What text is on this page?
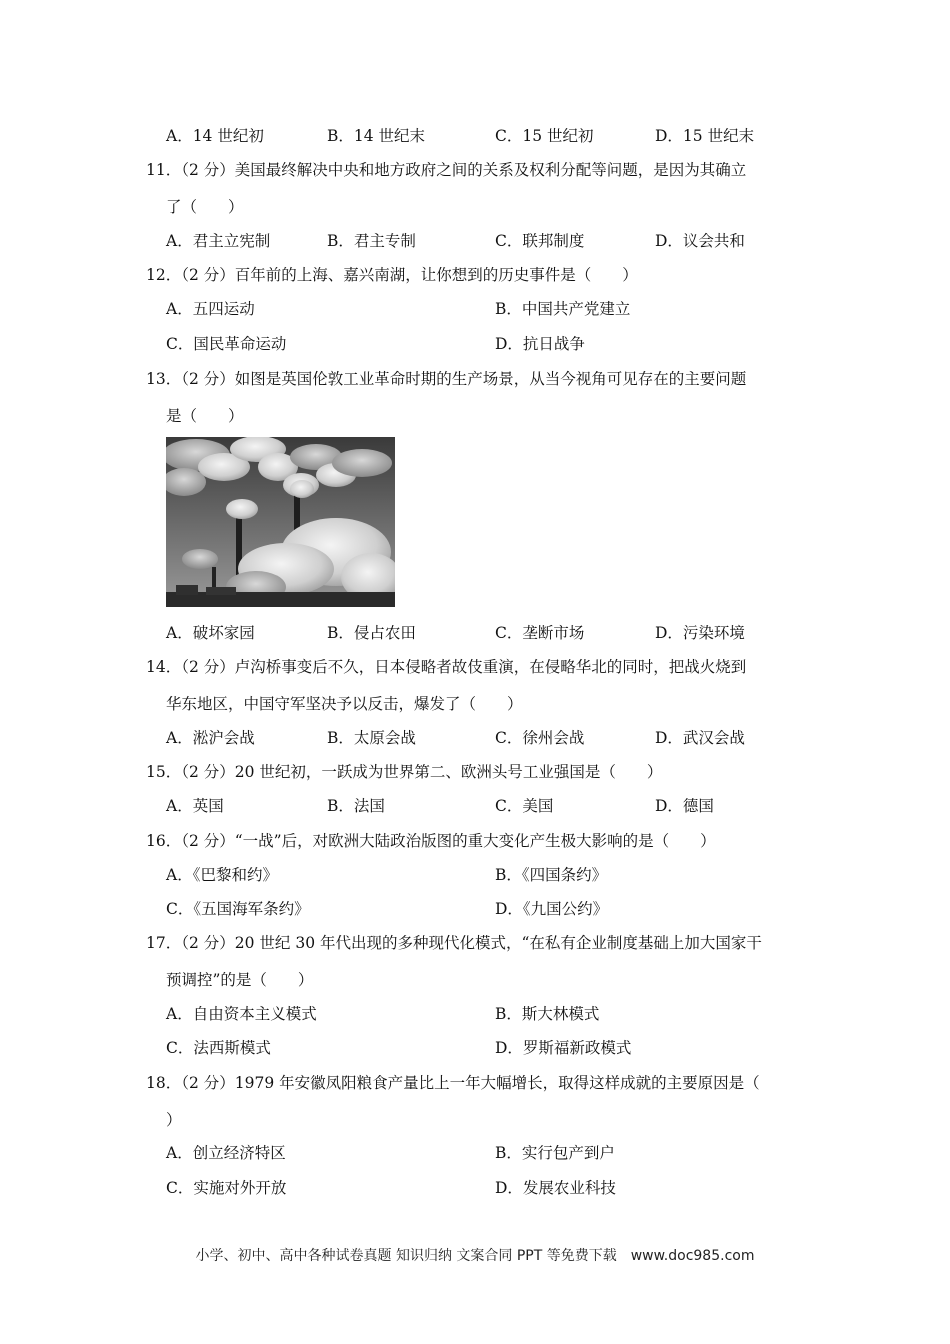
A．14 世纪初	B．14 世纪末	C．15 世纪初	D．15 世纪末
11．（2 分）美国最终解决中央和地方政府之间的关系及权利分配等问题，是因为其确立
了（　　）
A．君主立宪制	B．君主专制	C．联邦制度	D．议会共和
12．（2 分）百年前的上海、嘉兴南湖，让你想到的历史事件是（　　）
A．五四运动	B．中国共产党建立
C．国民革命运动	D．抗日战争
13．（2 分）如图是英国伦敦工业革命时期的生产场景，从当今视角可见存在的主要问题
是（　　）
A．破坏家园	B．侵占农田	C．垄断市场	D．污染环境
14．（2 分）卢沟桥事变后不久，日本侵略者故伎重演，在侵略华北的同时，把战火烧到
华东地区，中国守军坚决予以反击，爆发了（　　）
A．淞沪会战	B．太原会战	C．徐州会战	D．武汉会战
15．（2 分）20 世纪初，一跃成为世界第二、欧洲头号工业强国是（　　）
A．英国	B．法国	C．美国	D．德国
16．（2 分）“一战”后，对欧洲大陆政治版图的重大变化产生极大影响的是（　　）
A．《巴黎和约》	B．《四国条约》
C．《五国海军条约》	D．《九国公约》
17．（2 分）20 世纪 30 年代出现的多种现代化模式，“在私有企业制度基础上加大国家干
预调控”的是（　　）
A．自由资本主义模式	B．斯大林模式
C．法西斯模式	D．罗斯福新政模式
18．（2 分）1979 年安徽凤阳粮食产量比上一年大幅增长，取得这样成就的主要原因是（
）
A．创立经济特区	B．实行包产到户
C．实施对外开放	D．发展农业科技
小学、初中、高中各种试卷真题 知识归纳 文案合同 PPT 等免费下载　www.doc985.com
